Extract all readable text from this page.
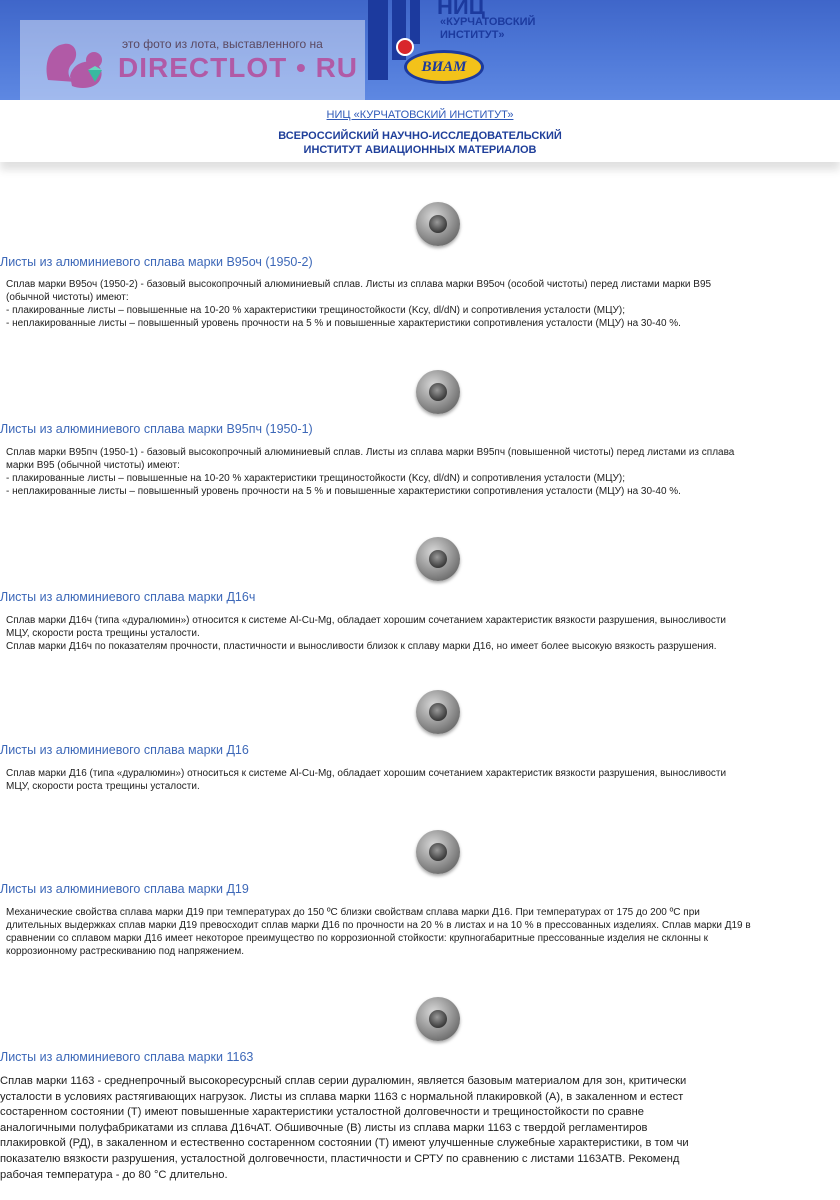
НИЦ
«КУРЧАТОВСКИЙ ИНСТИТУТ»
ВИАМ
это фото из лота, выставленного на
DIRECTLOT • RU
НИЦ «КУРЧАТОВСКИЙ ИНСТИТУТ»
ВСЕРОССИЙСКИЙ НАУЧНО-ИССЛЕДОВАТЕЛЬСКИЙ
ИНСТИТУТ АВИАЦИОННЫХ МАТЕРИАЛОВ
Листы из алюминиевого сплава марки В95оч (1950-2)
Сплав марки В95оч (1950-2) - базовый высокопрочный алюминиевый сплав. Листы из сплава марки В95оч (особой чистоты) перед листами марки В95
(обычной чистоты) имеют:
- плакированные листы – повышенные на 10-20 % характеристики трещиностойкости (Kcy, dl/dN) и сопротивления усталости (МЦУ);
- неплакированные листы – повышенный уровень прочности на 5 % и повышенные характеристики сопротивления усталости (МЦУ) на 30-40 %.
Листы из алюминиевого сплава марки В95пч (1950-1)
Сплав марки В95пч (1950-1) - базовый высокопрочный алюминиевый сплав. Листы из сплава марки В95пч (повышенной чистоты) перед листами из сплава
марки В95 (обычной чистоты) имеют:
- плакированные листы – повышенные на 10-20 % характеристики трещиностойкости (Kcy, dl/dN) и сопротивления усталости (МЦУ);
- неплакированные листы – повышенный уровень прочности на 5 % и повышенные характеристики сопротивления усталости (МЦУ) на 30-40 %.
Листы из алюминиевого сплава марки Д16ч
Сплав марки Д16ч (типа «дуралюмин») относится к системе Al-Cu-Mg, обладает хорошим сочетанием характеристик вязкости разрушения, выносливости
МЦУ, скорости роста трещины усталости.
Сплав марки Д16ч по показателям прочности, пластичности и выносливости близок к сплаву марки Д16, но имеет более высокую вязкость разрушения.
Листы из алюминиевого сплава марки Д16
Сплав марки Д16 (типа «дуралюмин») относиться к системе Al-Cu-Mg, обладает хорошим сочетанием характеристик вязкости разрушения, выносливости
МЦУ, скорости роста трещины усталости.
Листы из алюминиевого сплава марки Д19
Механические свойства сплава марки Д19 при температурах до 150 ºС близки свойствам сплава марки Д16. При температурах от 175 до 200 ºС при
длительных выдержках сплав марки Д19 превосходит сплав марки Д16 по прочности на 20 % в листах и на 10 % в прессованных изделиях. Сплав марки Д19 в
сравнении со сплавом марки Д16 имеет некоторое преимущество по коррозионной стойкости: крупногабаритные прессованные изделия не склонны к
коррозионному растрескиванию под напряжением.
Листы из алюминиевого сплава марки 1163
Сплав марки 1163 - среднепрочный высокоресурсный сплав серии дуралюмин, является базовым материалом для зон, критически
усталости в условиях растягивающих нагрузок. Листы из сплава марки 1163 с нормальной плакировкой (А), в закаленном и естест
состаренном состоянии (Т) имеют повышенные характеристики усталостной долговечности и трещиностойкости по сравне
аналогичными полуфабрикатами из сплава Д16чАТ. Обшивочные (В) листы из сплава марки 1163 с твердой регламентиров
плакировкой (РД), в закаленном и естественно состаренном состоянии (Т) имеют улучшенные служебные характеристики, в том чи
показателю вязкости разрушения, усталостной долговечности, пластичности и СРТУ по сравнению с листами 1163АТВ. Рекоменд
рабочая температура - до 80 °С длительно.
